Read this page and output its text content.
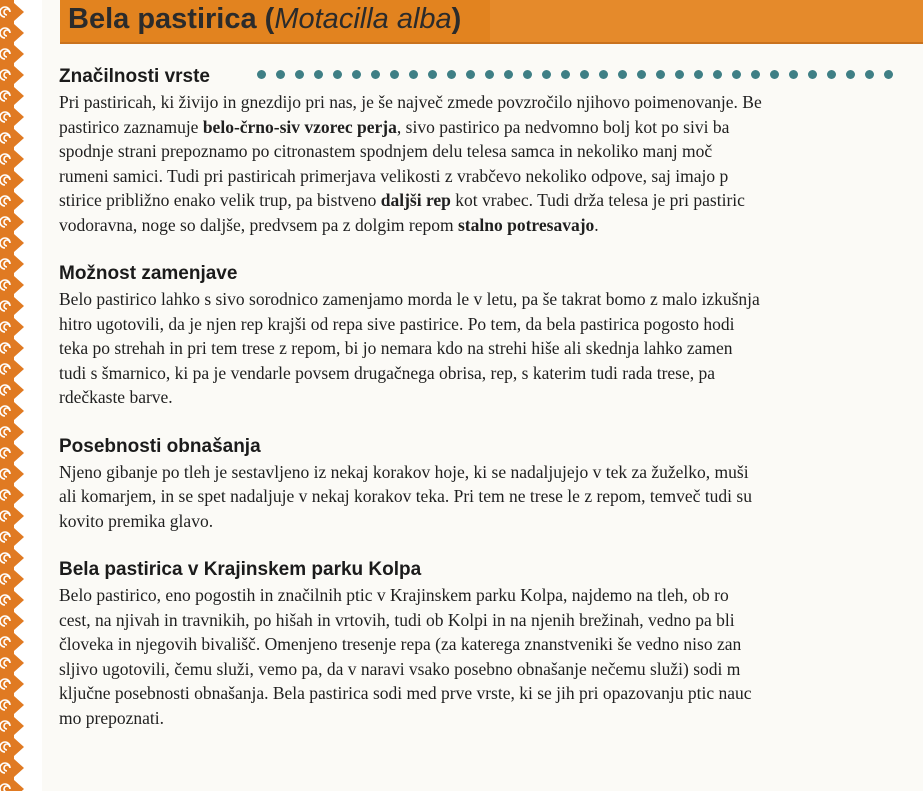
Bela pastirica (Motacilla alba)
Značilnosti vrste
Pri pastiricah, ki živijo in gnezdijo pri nas, je še največ zmede povzročilo njihovo poimenovanje. Be
pastirico zaznamuje belo-črno-siv vzorec perja, sivo pastirico pa nedvomno bolj kot po sivi ba
spodnje strani prepoznamo po citronastem spodnjem delu telesa samca in nekoliko manj moč
rumeni samici. Tudi pri pastiricah primerjava velikosti z vrabčevo nekoliko odpove, saj imajo p
stirice približno enako velik trup, pa bistveno daljši rep kot vrabec. Tudi drža telesa je pri pastiric
vodoravna, noge so daljše, predvsem pa z dolgim repom stalno potresavajo.
Možnost zamenjave
Belo pastirico lahko s sivo sorodnico zamenjamo morda le v letu, pa še takrat bomo z malo izkušnja
hitro ugotovili, da je njen rep krajši od repa sive pastirice. Po tem, da bela pastirica pogosto hodi
teka po strehah in pri tem trese z repom, bi jo nemara kdo na strehi hiše ali skednja lahko zamen
tudi s šmarnico, ki pa je vendarle povsem drugačnega obrisa, rep, s katerim tudi rada trese, pa
rdečkaste barve.
Posebnosti obnašanja
Njeno gibanje po tleh je sestavljeno iz nekaj korakov hoje, ki se nadaljujejo v tek za žuželko, muši
ali komarjem, in se spet nadaljuje v nekaj korakov teka. Pri tem ne trese le z repom, temveč tudi su
kovito premika glavo.
Bela pastirica v Krajinskem parku Kolpa
Belo pastirico, eno pogostih in značilnih ptic v Krajinskem parku Kolpa, najdemo na tleh, ob ro
cest, na njivah in travnikih, po hišah in vrtovih, tudi ob Kolpi in na njenih brežinah, vedno pa bli
človeka in njegovih bivališč. Omenjeno tresenje repa (za katerega znanstveniki še vedno niso zan
sljivo ugotovili, čemu služi, vemo pa, da v naravi vsako posebno obnašanje nečemu služi) sodi m
ključne posebnosti obnašanja. Bela pastirica sodi med prve vrste, ki se jih pri opazovanju ptic nauc
mo prepoznati.
